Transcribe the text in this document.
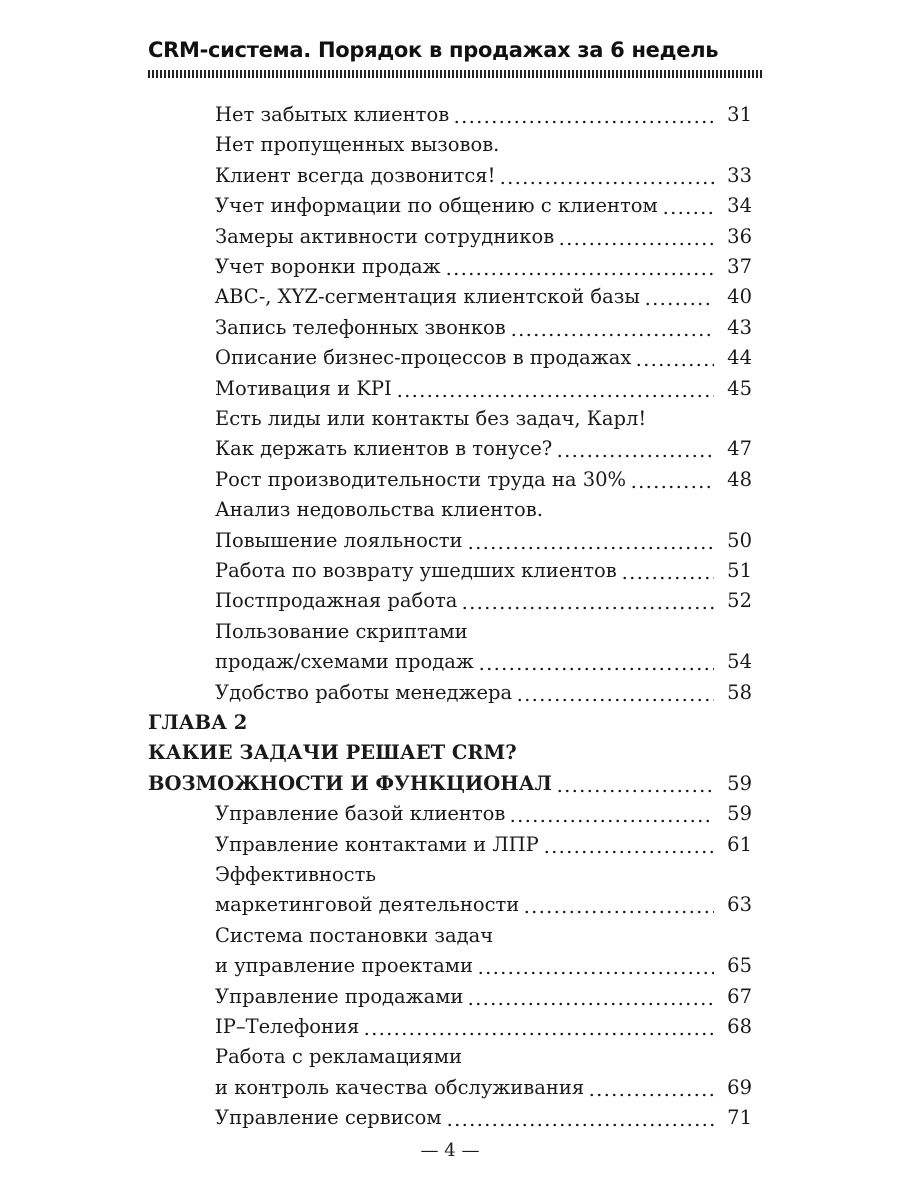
CRM-система. Порядок в продажах за 6 недель
Нет забытых клиентов	31
Нет пропущенных вызовов.
Клиент всегда дозвонится!	33
Учет информации по общению с клиентом	34
Замеры активности сотрудников	36
Учет воронки продаж	37
ABC-, XYZ-сегментация клиентской базы	40
Запись телефонных звонков	43
Описание бизнес-процессов в продажах	44
Мотивация и KPI	45
Есть лиды или контакты без задач, Карл!
Как держать клиентов в тонусе?	47
Рост производительности труда на 30%	48
Анализ недовольства клиентов.
Повышение лояльности	50
Работа по возврату ушедших клиентов	51
Постпродажная работа	52
Пользование скриптами
продаж/схемами продаж	54
Удобство работы менеджера	58
ГЛАВА 2
КАКИЕ ЗАДАЧИ РЕШАЕТ CRM?
ВОЗМОЖНОСТИ И ФУНКЦИОНАЛ	59
Управление базой клиентов	59
Управление контактами и ЛПР	61
Эффективность
маркетинговой деятельности	63
Система постановки задач
и управление проектами	65
Управление продажами	67
IP–Телефония	68
Работа с рекламациями
и контроль качества обслуживания	69
Управление сервисом	71
— 4 —
